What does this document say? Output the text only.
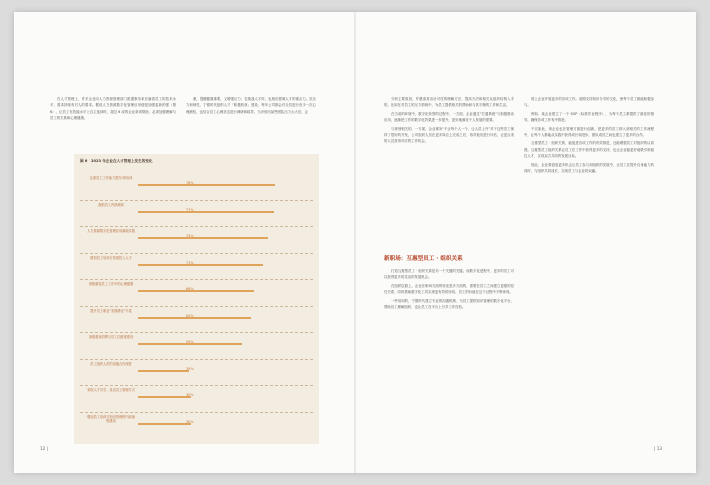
在人才管理上，许多企业向人力资源管理部门派遣事务来应落善员工的技术水平，需求持续有对人的要求。据说人力资源数字化管理应用便是加强更新的强（图 6），让员工在技能水平上自主选择时，超过 6 成的企业拿到帮助，必须加强理解与员工的关系和心理健康。

康，提醒健康重要，又增强压力；在挑战人才时，也相应强调人才的重点力。抗压力和韧性，宁德时代组织人才「积极收获」建设，每年公司都会对全员进行至少一次心理测验，也结合员工心理状态进行调研和疏导。当识别出某些团队压力太大后，会

图 6　2023 年企业在人才管理上发生的变化
注重员工工作能力提升/再培训
78%
鼓励员工内部调岗
77%
人力资源数字化管理应用落地实施
74%
增加员工培训与发展投入人才
71%
加强重视员工工作中的心理健康
66%
提升员工职业“发展路径”丰富
64%
加强重视招聘与员工匹配度建设
59%
员工组织人员的沟通合作深度
29%
采取人才共享、灵活员工管理方式
30%
增加员工培训与知识管理的内部流程建设	30%
12 |

分析主要原因，并邀请其出针对性的理解方法，提高方法和相关从组织结构入手的。比如在对员工的压力领域中，为员工提供相关的帮助和与其平衡的工作和生活。

在当前的环境中，数字化转型的过程中，一方面，企业通过“打通系统”与积极推动应用，逐渐把工作的数字化效果进一步提升，更好地满足个人发展的需要。

与规划相关的，一方面，企业事务“不让每个人一个，让人员上升”对于这些员工保持了很好的开发，公司组织人员在更多岗位上完成之后，再对他们进行评估，让更合适的人员获得对应的工作机会。

新职场：互惠型员工 · 组织关系

打造互惠型员工 · 组织关系是另一个关键的关键。而数字化进程中，更多的员工可以获得更多的灵活的发展机会。

在组织层面上，企业在职场方面的转变是多方面的，需要在员工之间建立更强的信任关系，同时借助数字化工具实现更有效的协同，员工的价值在这个过程中不断体现。

一些培训的，宁德时代建立专业的沟通机制，为员工提供知识管理的数字化平台，帮助员工理解组织，也让员工在平台上分享工作经验。

则上企业开展更多的各项工作。前期支持知识分享的文化，使每个员工都能积极参与。

例如，某企业建立了一个 SOP（标准作业程序），为每个员工都提供了最佳的指导，确保各项工作有序推进。

不仅如此，该企业也在管理方面进行创新，把更多的员工纳入到相关的工作流程中，让每个人都能从实践中获得成长和进步，团队成员之间也建立了更多的合作。

互惠型员工 · 组织关系，能促进各项工作的有效推进，还能增强员工对组织的认同感。互惠型员工组织关系让员工在工作中获得更多的支持，也让企业能更好地吸引和留住人才，实现双方共同的发展目标。

因此，企业要创造更多机会让员工参与到组织的发展中，让员工在提升自身能力的同时，与组织共同成长，实现员工与企业的双赢。

| 13
